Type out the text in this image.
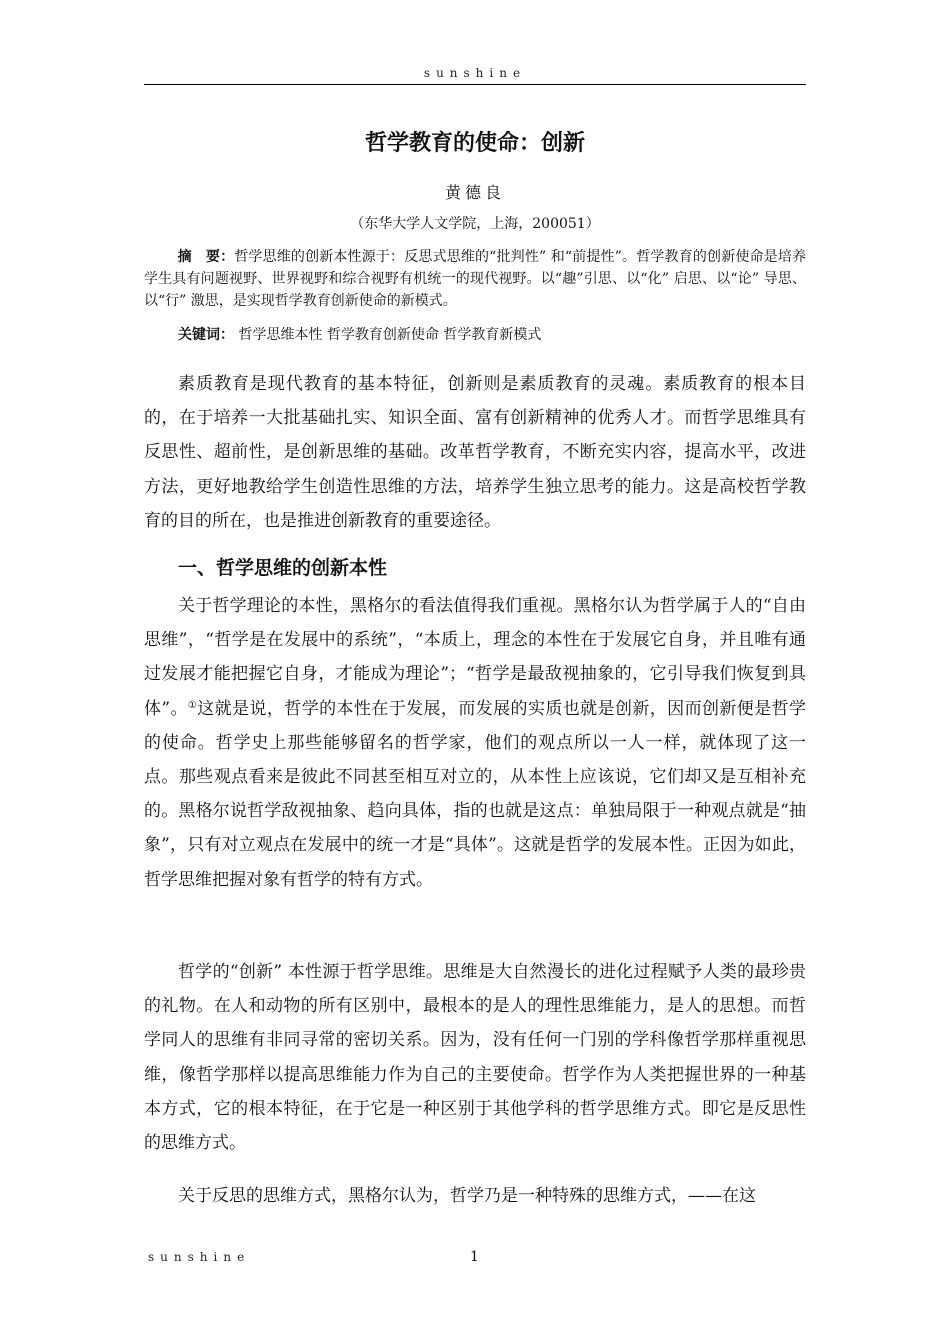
sunshine
哲学教育的使命：创新
黄德良
（东华大学人文学院，上海，200051）
摘　要：哲学思维的创新本性源于：反思式思维的“批判性” 和“前提性”。哲学教育的创新使命是培养学生具有问题视野、世界视野和综合视野有机统一的现代视野。以“趣”引思、以“化” 启思、以“论” 导思、以“行” 激思，是实现哲学教育创新使命的新模式。
关键词： 哲学思维本性 哲学教育创新使命 哲学教育新模式

素质教育是现代教育的基本特征，创新则是素质教育的灵魂。素质教育的根本目的，在于培养一大批基础扎实、知识全面、富有创新精神的优秀人才。而哲学思维具有反思性、超前性，是创新思维的基础。改革哲学教育，不断充实内容，提高水平，改进方法，更好地教给学生创造性思维的方法，培养学生独立思考的能力。这是高校哲学教育的目的所在，也是推进创新教育的重要途径。

一、哲学思维的创新本性

关于哲学理论的本性，黑格尔的看法值得我们重视。黑格尔认为哲学属于人的“自由思维”，“哲学是在发展中的系统”，“本质上，理念的本性在于发展它自身，并且唯有通过发展才能把握它自身，才能成为理论”；“哲学是最敌视抽象的，它引导我们恢复到具体”。①这就是说，哲学的本性在于发展，而发展的实质也就是创新，因而创新便是哲学的使命。哲学史上那些能够留名的哲学家，他们的观点所以一人一样，就体现了这一点。那些观点看来是彼此不同甚至相互对立的，从本性上应该说，它们却又是互相补充的。黑格尔说哲学敌视抽象、趋向具体，指的也就是这点：单独局限于一种观点就是“抽象”，只有对立观点在发展中的统一才是“具体”。这就是哲学的发展本性。正因为如此，哲学思维把握对象有哲学的特有方式。

哲学的“创新” 本性源于哲学思维。思维是大自然漫长的进化过程赋予人类的最珍贵的礼物。在人和动物的所有区别中，最根本的是人的理性思维能力，是人的思想。而哲学同人的思维有非同寻常的密切关系。因为，没有任何一门别的学科像哲学那样重视思维，像哲学那样以提高思维能力作为自己的主要使命。哲学作为人类把握世界的一种基本方式，它的根本特征，在于它是一种区别于其他学科的哲学思维方式。即它是反思性的思维方式。

关于反思的思维方式，黑格尔认为，哲学乃是一种特殊的思维方式，——在这

sunshine	1
